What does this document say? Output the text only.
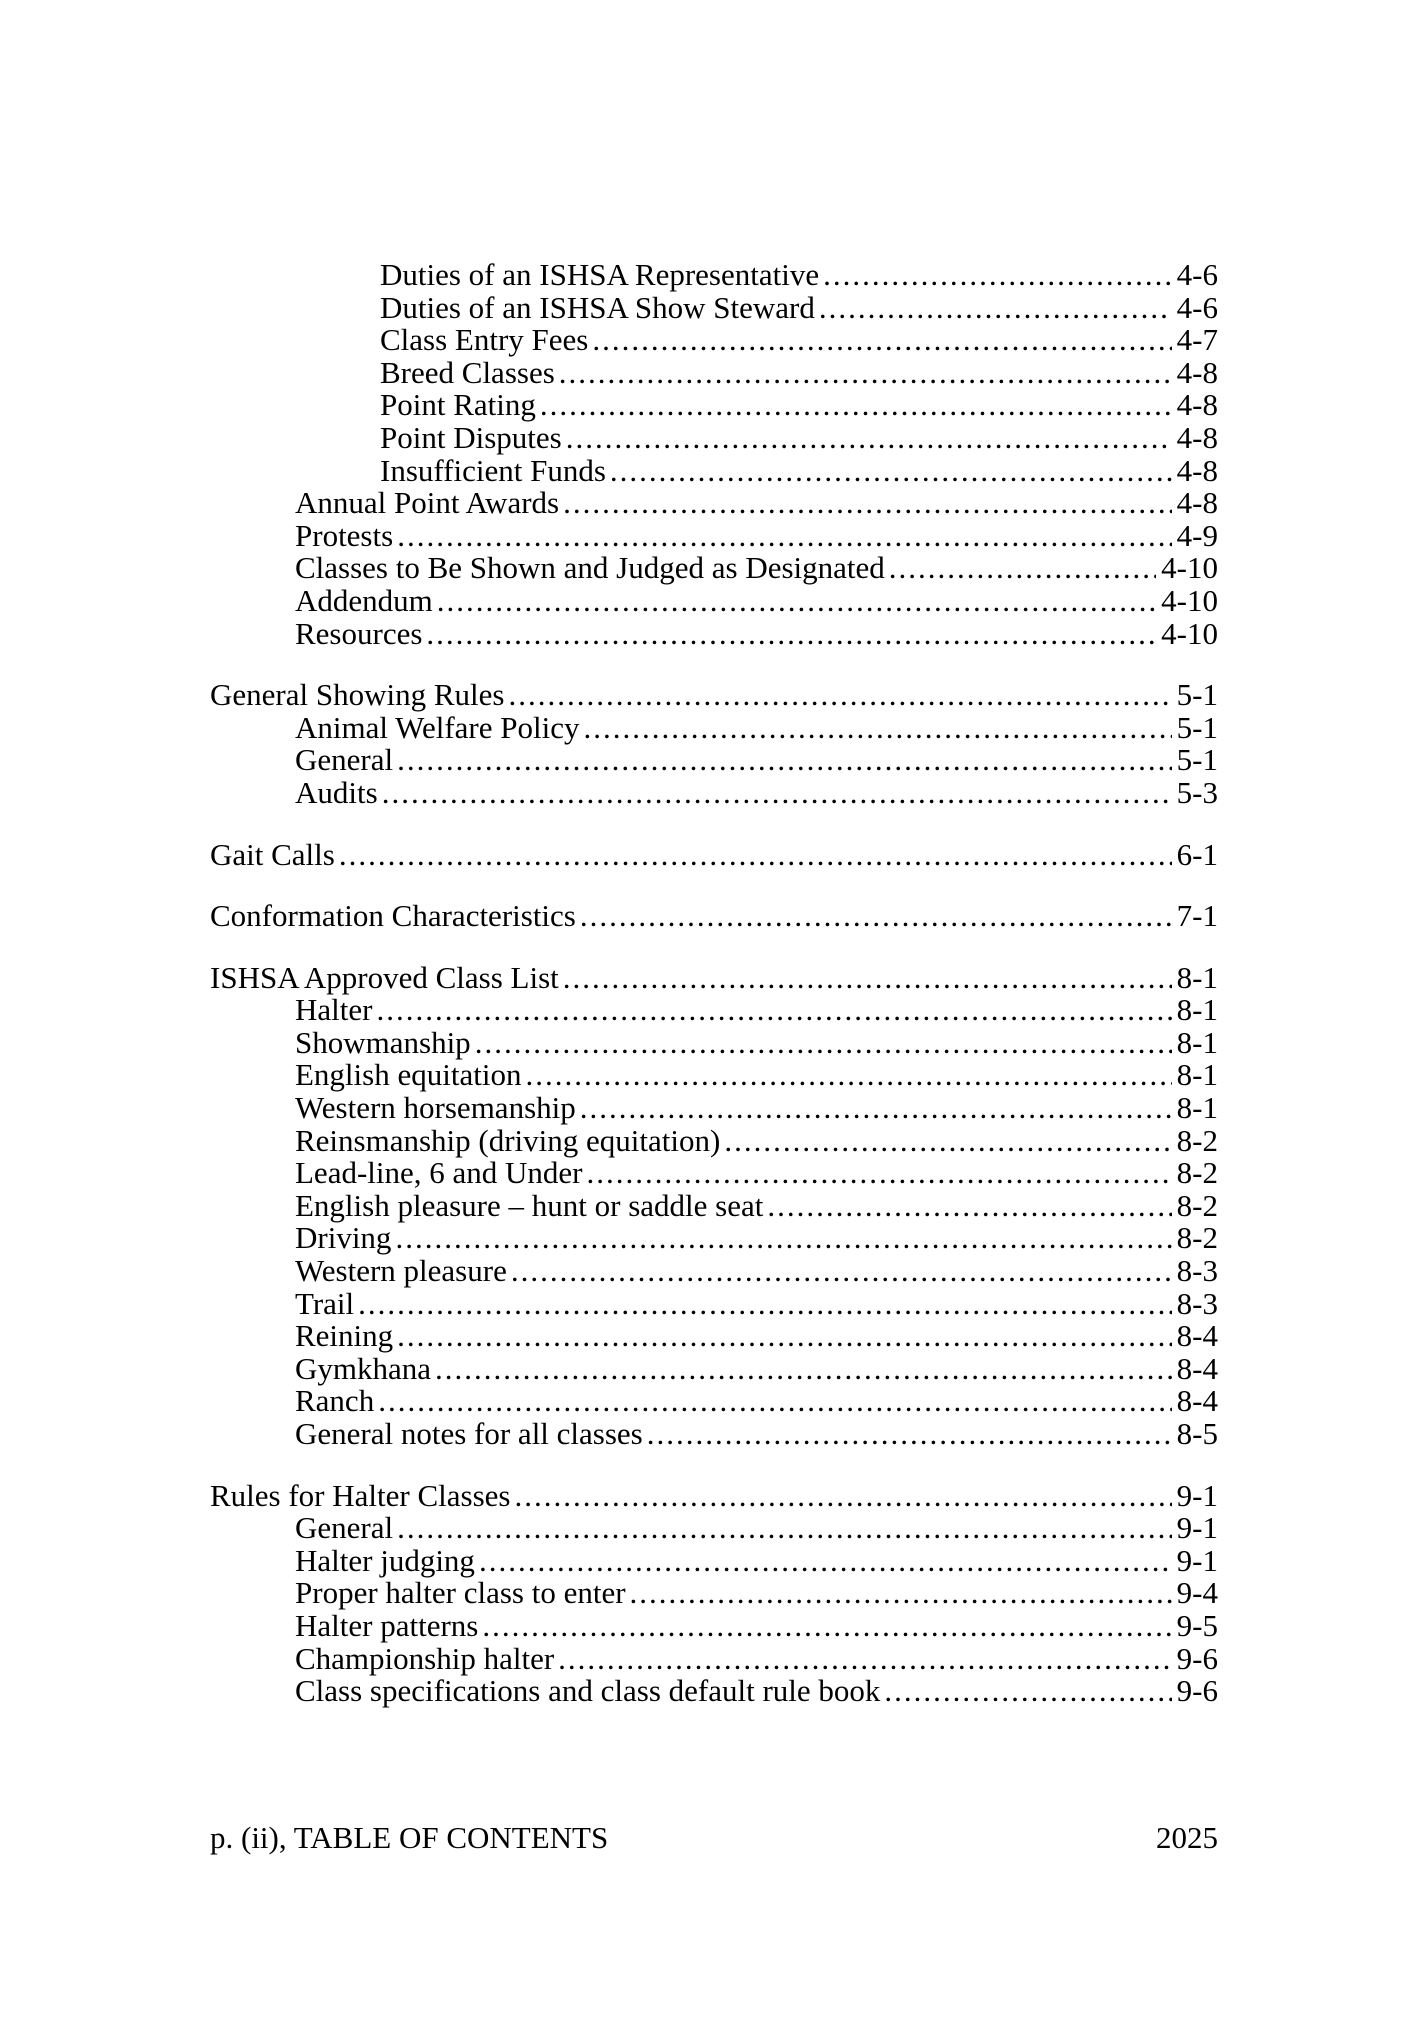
Duties of an ISHSA Representative .....	4-6
Duties of an ISHSA Show Steward .....	4-6
Class Entry Fees .....	4-7
Breed Classes .....	4-8
Point Rating .....	4-8
Point Disputes .....	4-8
Insufficient Funds .....	4-8
Annual Point Awards .....	4-8
Protests .....	4-9
Classes to Be Shown and Judged as Designated .....	4-10
Addendum .....	4-10
Resources .....	4-10
General Showing Rules .....	5-1
Animal Welfare Policy .....	5-1
General .....	5-1
Audits .....	5-3
Gait Calls .....	6-1
Conformation Characteristics .....	7-1
ISHSA Approved Class List .....	8-1
Halter .....	8-1
Showmanship .....	8-1
English equitation .....	8-1
Western horsemanship .....	8-1
Reinsmanship (driving equitation) .....	8-2
Lead-line, 6 and Under .....	8-2
English pleasure – hunt or saddle seat .....	8-2
Driving .....	8-2
Western pleasure .....	8-3
Trail .....	8-3
Reining .....	8-4
Gymkhana .....	8-4
Ranch .....	8-4
General notes for all classes .....	8-5
Rules for Halter Classes .....	9-1
General .....	9-1
Halter judging .....	9-1
Proper halter class to enter .....	9-4
Halter patterns .....	9-5
Championship halter .....	9-6
Class specifications and class default rule book .....	9-6
p. (ii), TABLE OF CONTENTS	2025
